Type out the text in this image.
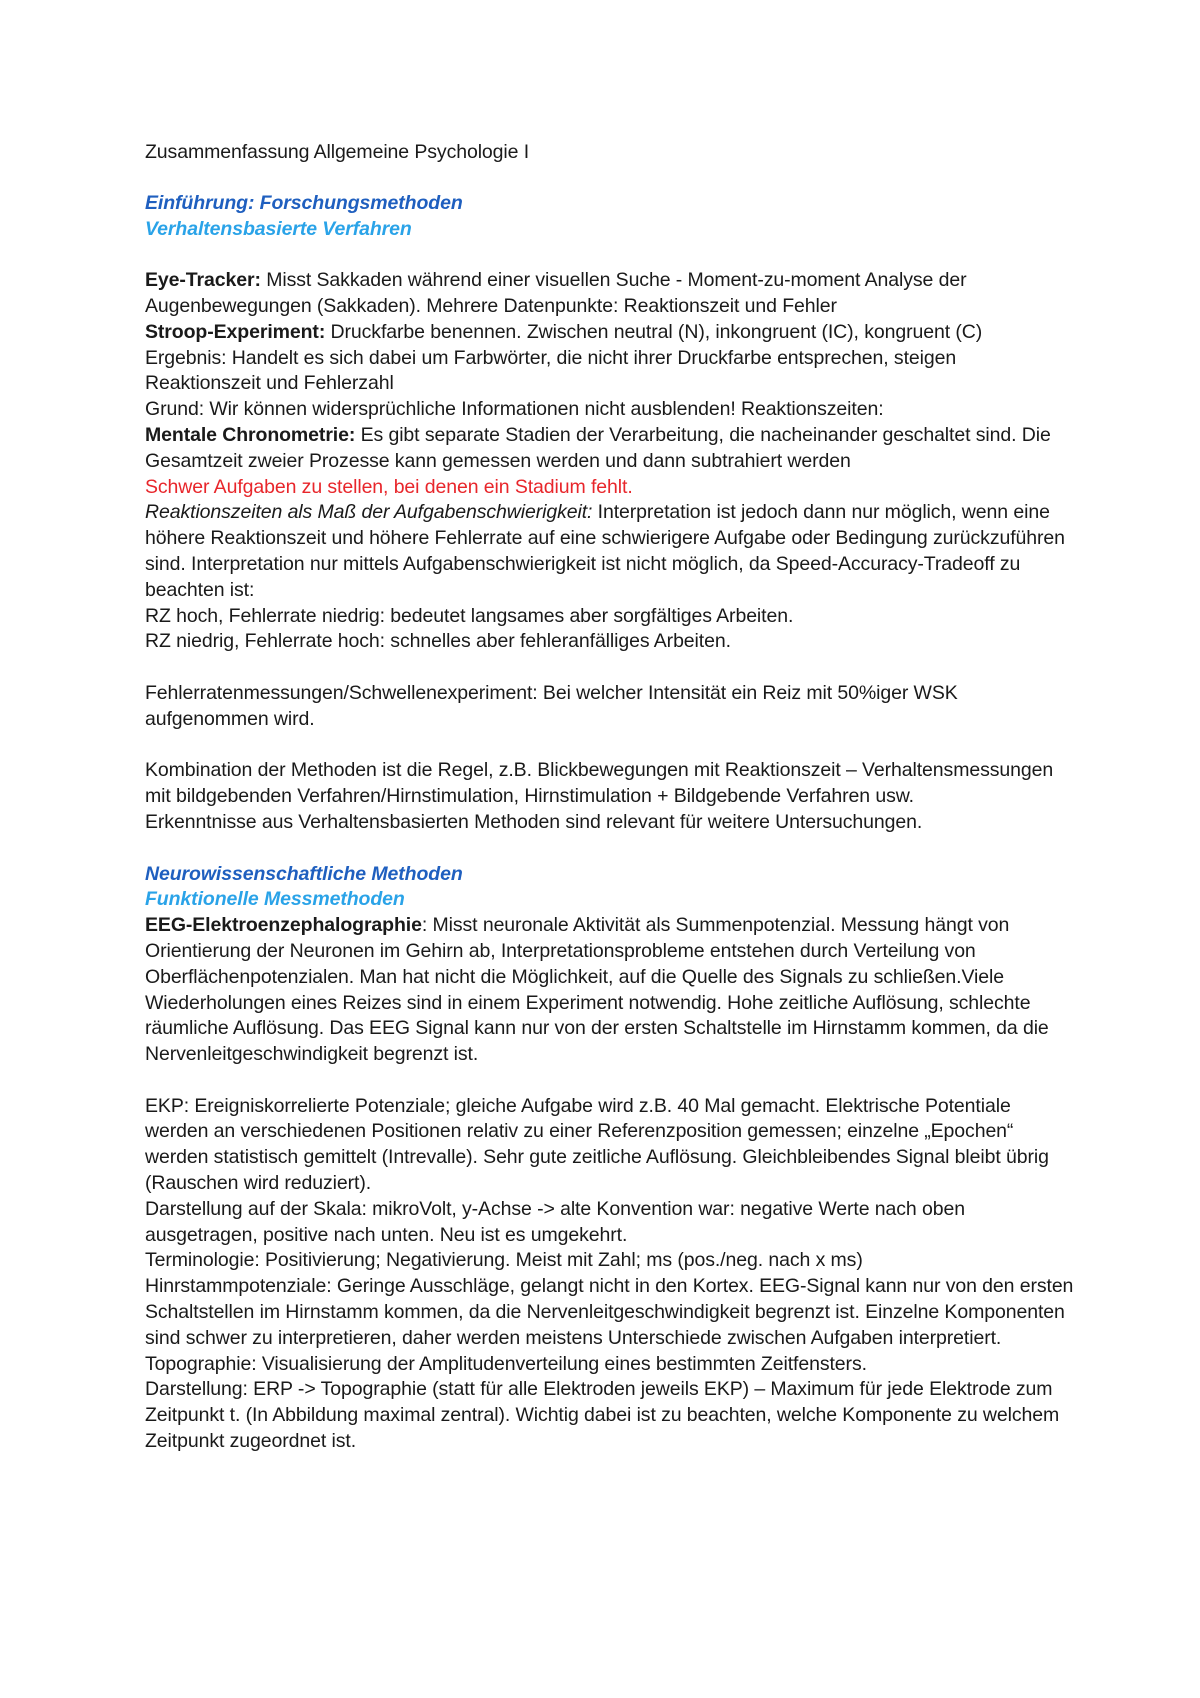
Zusammenfassung Allgemeine Psychologie I

Einführung: Forschungsmethoden

Verhaltensbasierte Verfahren

Eye-Tracker: Misst Sakkaden während einer visuellen Suche - Moment-zu-moment Analyse der Augenbewegungen (Sakkaden). Mehrere Datenpunkte: Reaktionszeit und Fehler

Stroop-Experiment: Druckfarbe benennen. Zwischen neutral (N), inkongruent (IC), kongruent (C)

Ergebnis: Handelt es sich dabei um Farbwörter, die nicht ihrer Druckfarbe entsprechen, steigen Reaktionszeit und Fehlerzahl

Grund: Wir können widersprüchliche Informationen nicht ausblenden! Reaktionszeiten:

Mentale Chronometrie: Es gibt separate Stadien der Verarbeitung, die nacheinander geschaltet sind. Die Gesamtzeit zweier Prozesse kann gemessen werden und dann subtrahiert werden

Schwer Aufgaben zu stellen, bei denen ein Stadium fehlt.

Reaktionszeiten als Maß der Aufgabenschwierigkeit: Interpretation ist jedoch dann nur möglich, wenn eine höhere Reaktionszeit und höhere Fehlerrate auf eine schwierigere Aufgabe oder Bedingung zurückzuführen sind. Interpretation nur mittels Aufgabenschwierigkeit ist nicht möglich, da Speed-Accuracy-Tradeoff zu beachten ist:

RZ hoch, Fehlerrate niedrig: bedeutet langsames aber sorgfältiges Arbeiten.

RZ niedrig, Fehlerrate hoch: schnelles aber fehleranfälliges Arbeiten.

Fehlerratenmessungen/Schwellenexperiment: Bei welcher Intensität ein Reiz mit 50%iger WSK aufgenommen wird.

Kombination der Methoden ist die Regel, z.B. Blickbewegungen mit Reaktionszeit – Verhaltensmessungen mit bildgebenden Verfahren/Hirnstimulation, Hirnstimulation + Bildgebende Verfahren usw.

Erkenntnisse aus Verhaltensbasierten Methoden sind relevant für weitere Untersuchungen.

Neurowissenschaftliche Methoden

Funktionelle Messmethoden

EEG-Elektroenzephalographie: Misst neuronale Aktivität als Summenpotenzial. Messung hängt von Orientierung der Neuronen im Gehirn ab, Interpretationsprobleme entstehen durch Verteilung von Oberflächenpotenzialen. Man hat nicht die Möglichkeit, auf die Quelle des Signals zu schließen.Viele Wiederholungen eines Reizes sind in einem Experiment notwendig. Hohe zeitliche Auflösung, schlechte räumliche Auflösung. Das EEG Signal kann nur von der ersten Schaltstelle im Hirnstamm kommen, da die Nervenleitgeschwindigkeit begrenzt ist.

EKP: Ereigniskorrelierte Potenziale; gleiche Aufgabe wird z.B. 40 Mal gemacht. Elektrische Potentiale werden an verschiedenen Positionen relativ zu einer Referenzposition gemessen; einzelne „Epochen“ werden statistisch gemittelt (Intrevalle). Sehr gute zeitliche Auflösung. Gleichbleibendes Signal bleibt übrig (Rauschen wird reduziert).

Darstellung auf der Skala: mikroVolt, y-Achse -> alte Konvention war: negative Werte nach oben ausgetragen, positive nach unten. Neu ist es umgekehrt.

Terminologie: Positivierung; Negativierung. Meist mit Zahl; ms (pos./neg. nach x ms)

Hinrstammpotenziale: Geringe Ausschläge, gelangt nicht in den Kortex. EEG-Signal kann nur von den ersten Schaltstellen im Hirnstamm kommen, da die Nervenleitgeschwindigkeit begrenzt ist. Einzelne Komponenten sind schwer zu interpretieren, daher werden meistens Unterschiede zwischen Aufgaben interpretiert.

Topographie: Visualisierung der Amplitudenverteilung eines bestimmten Zeitfensters.

Darstellung: ERP -> Topographie (statt für alle Elektroden jeweils EKP) – Maximum für jede Elektrode zum Zeitpunkt t. (In Abbildung maximal zentral). Wichtig dabei ist zu beachten, welche Komponente zu welchem Zeitpunkt zugeordnet ist.
